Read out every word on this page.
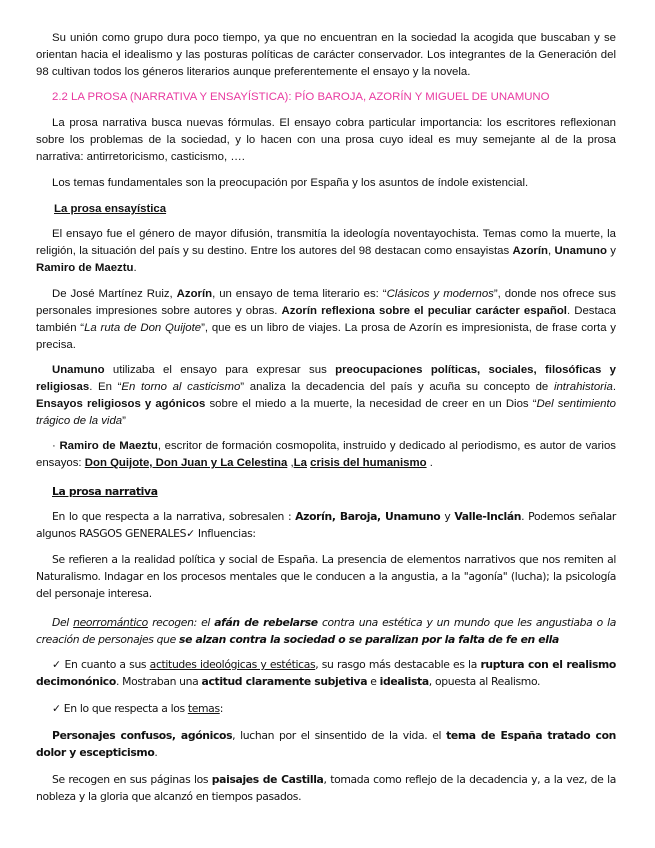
Su unión como grupo dura poco tiempo, ya que no encuentran en la sociedad la acogida que buscaban y se orientan hacia el idealismo y las posturas políticas de carácter conservador. Los integrantes de la Generación del 98 cultivan todos los géneros literarios aunque preferentemente el ensayo y la novela.

2.2 LA PROSA (NARRATIVA Y ENSAYÍSTICA): PÍO BAROJA, AZORÍN Y MIGUEL DE UNAMUNO

La prosa narrativa busca nuevas fórmulas. El ensayo cobra particular importancia: los escritores reflexionan sobre los problemas de la sociedad, y lo hacen con una prosa cuyo ideal es muy semejante al de la prosa narrativa: antirretoricismo, casticismo, ….

Los temas fundamentales son la preocupación por España y los asuntos de índole existencial.

La prosa ensayística

El ensayo fue el género de mayor difusión, transmitía la ideología noventayochista. Temas como la muerte, la religión, la situación del país y su destino. Entre los autores del 98 destacan como ensayistas Azorín, Unamuno y Ramiro de Maeztu.

De José Martínez Ruiz, Azorín, un ensayo de tema literario es: “Clásicos y modernos”, donde nos ofrece sus personales impresiones sobre autores y obras. Azorín reflexiona sobre el peculiar carácter español. Destaca también “La ruta de Don Quijote”, que es un libro de viajes. La prosa de Azorín es impresionista, de frase corta y precisa.

Unamuno utilizaba el ensayo para expresar sus preocupaciones políticas, sociales, filosóficas y religiosas. En “En torno al casticismo” analiza la decadencia del país y acuña su concepto de intrahistoria. Ensayos religiosos y agónicos sobre el miedo a la muerte, la necesidad de creer en un Dios “Del sentimiento trágico de la vida”

· Ramiro de Maeztu, escritor de formación cosmopolita, instruido y dedicado al periodismo, es autor de varios ensayos: Don Quijote, Don Juan y La Celestina ,La crisis del humanismo .

La prosa narrativa

En lo que respecta a la narrativa, sobresalen : Azorín, Baroja, Unamuno y Valle-Inclán. Podemos señalar algunos RASGOS GENERALES✓ Influencias:

Se refieren a la realidad política y social de España. La presencia de elementos narrativos que nos remiten al Naturalismo. Indagar en los procesos mentales que le conducen a la angustia, a la "agonía" (lucha); la psicología del personaje interesa.

Del neorromántico recogen: el afán de rebelarse contra una estética y un mundo que les angustiaba o la creación de personajes que se alzan contra la sociedad o se paralizan por la falta de fe en ella

✓ En cuanto a sus actitudes ideológicas y estéticas, su rasgo más destacable es la ruptura con el realismo decimonónico. Mostraban una actitud claramente subjetiva e idealista, opuesta al Realismo.

✓ En lo que respecta a los temas:

Personajes confusos, agónicos, luchan por el sinsentido de la vida. el tema de España tratado con dolor y escepticismo.

Se recogen en sus páginas los paisajes de Castilla, tomada como reflejo de la decadencia y, a la vez, de la nobleza y la gloria que alcanzó en tiempos pasados.
